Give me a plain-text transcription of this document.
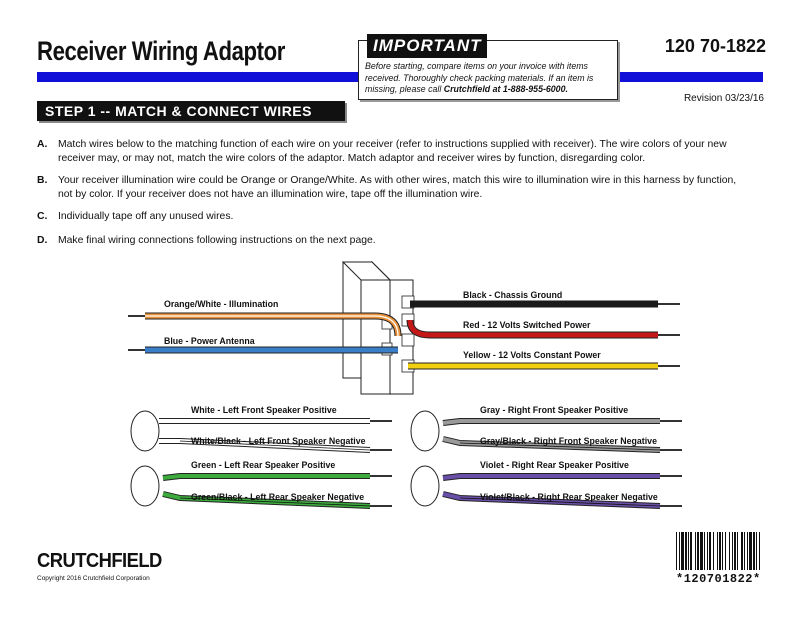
Receiver Wiring Adaptor	120 70-1822
IMPORTANT
Before starting, compare items on your invoice with items received. Thoroughly check packing materials. If an item is missing, please call Crutchfield at 1-888-955-6000.
Revision 03/23/16
STEP 1 -- MATCH & CONNECT WIRES
A. Match wires below to the matching function of each wire on your receiver (refer to instructions supplied with receiver). The wire colors of your new receiver may, or may not, match the wire colors of the adaptor. Match adaptor and receiver wires by function, disregarding color.
B. Your receiver illumination wire could be Orange or Orange/White. As with other wires, match this wire to illumination wire in this harness by function, not by color. If your receiver does not have an illumination wire, tape off the illumination wire.
C. Individually tape off any unused wires.
D. Make final wiring connections following instructions on the next page.
Orange/White - Illumination
Blue - Power Antenna
Black - Chassis Ground
Red - 12 Volts Switched Power
Yellow - 12 Volts Constant Power
White - Left Front Speaker Positive
White/Black - Left Front Speaker Negative
Green - Left Rear Speaker Positive
Green/Black - Left Rear Speaker Negative
Gray - Right Front Speaker Positive
Gray/Black - Right Front Speaker Negative
Violet - Right Rear Speaker Positive
Violet/Black - Right Rear Speaker Negative
CRUTCHFIELD
Copyright 2016 Crutchfield Corporation	*120701822*
